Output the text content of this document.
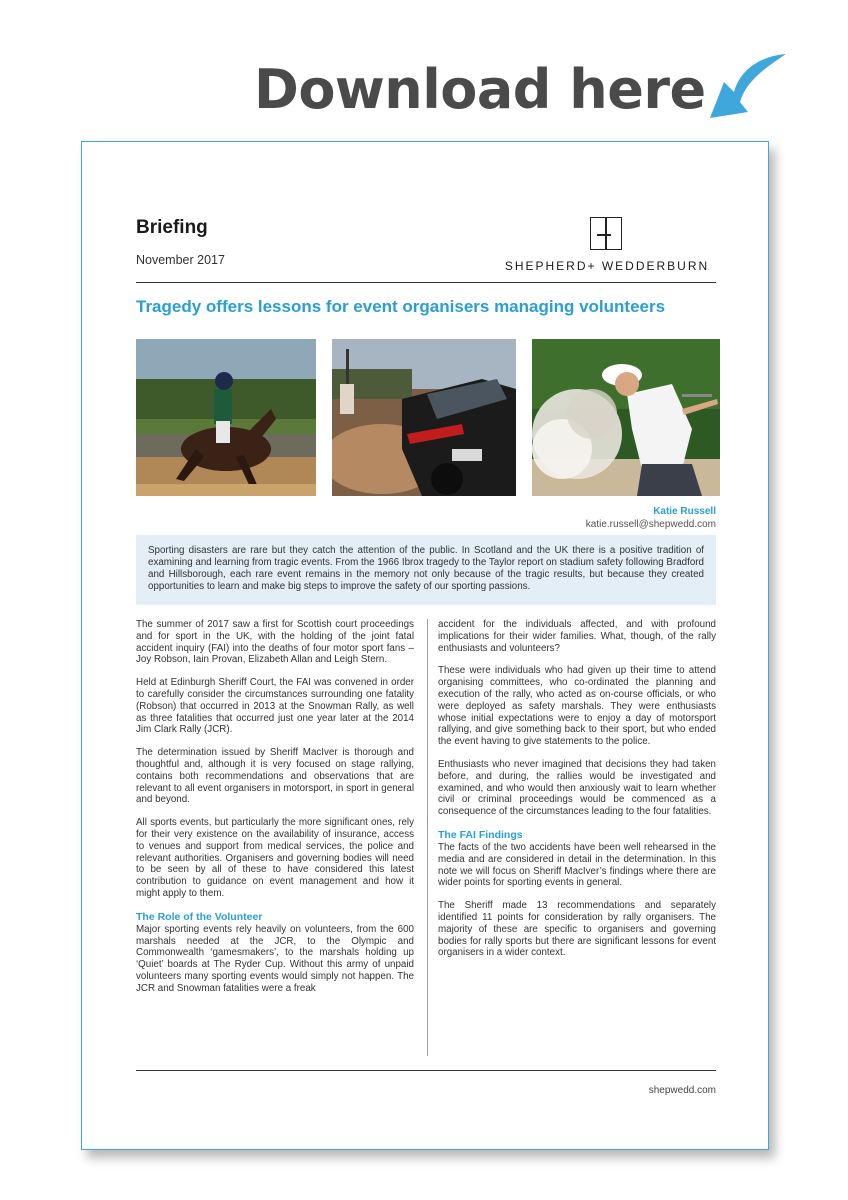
Download here
Briefing
November 2017	SHEPHERD+ WEDDERBURN
Tragedy offers lessons for event organisers managing volunteers
Katie Russell
katie.russell@shepwedd.com
Sporting disasters are rare but they catch the attention of the public. In Scotland and the UK there is a positive tradition of examining and learning from tragic events. From the 1966 Ibrox tragedy to the Taylor report on stadium safety following Bradford and Hillsborough, each rare event remains in the memory not only because of the tragic results, but because they created opportunities to learn and make big steps to improve the safety of our sporting passions.

The summer of 2017 saw a first for Scottish court proceedings and for sport in the UK, with the holding of the joint fatal accident inquiry (FAI) into the deaths of four motor sport fans – Joy Robson, Iain Provan, Elizabeth Allan and Leigh Stern.

Held at Edinburgh Sheriff Court, the FAI was convened in order to carefully consider the circumstances surrounding one fatality (Robson) that occurred in 2013 at the Snowman Rally, as well as three fatalities that occurred just one year later at the 2014 Jim Clark Rally (JCR).

The determination issued by Sheriff MacIver is thorough and thoughtful and, although it is very focused on stage rallying, contains both recommendations and observations that are relevant to all event organisers in motorsport, in sport in general and beyond.

All sports events, but particularly the more significant ones, rely for their very existence on the availability of insurance, access to venues and support from medical services, the police and relevant authorities. Organisers and governing bodies will need to be seen by all of these to have considered this latest contribution to guidance on event management and how it might apply to them.

The Role of the Volunteer

Major sporting events rely heavily on volunteers, from the 600 marshals needed at the JCR, to the Olympic and Commonwealth ‘gamesmakers’, to the marshals holding up ‘Quiet’ boards at The Ryder Cup. Without this army of unpaid volunteers many sporting events would simply not happen. The JCR and Snowman fatalities were a freak

accident for the individuals affected, and with profound implications for their wider families. What, though, of the rally enthusiasts and volunteers?

These were individuals who had given up their time to attend organising committees, who co-ordinated the planning and execution of the rally, who acted as on-course officials, or who were deployed as safety marshals. They were enthusiasts whose initial expectations were to enjoy a day of motorsport rallying, and give something back to their sport, but who ended the event having to give statements to the police.

Enthusiasts who never imagined that decisions they had taken before, and during, the rallies would be investigated and examined, and who would then anxiously wait to learn whether civil or criminal proceedings would be commenced as a consequence of the circumstances leading to the four fatalities.

The FAI Findings

The facts of the two accidents have been well rehearsed in the media and are considered in detail in the determination. In this note we will focus on Sheriff MacIver’s findings where there are wider points for sporting events in general.

The Sheriff made 13 recommendations and separately identified 11 points for consideration by rally organisers. The majority of these are specific to organisers and governing bodies for rally sports but there are significant lessons for event organisers in a wider context.

shepwedd.com
